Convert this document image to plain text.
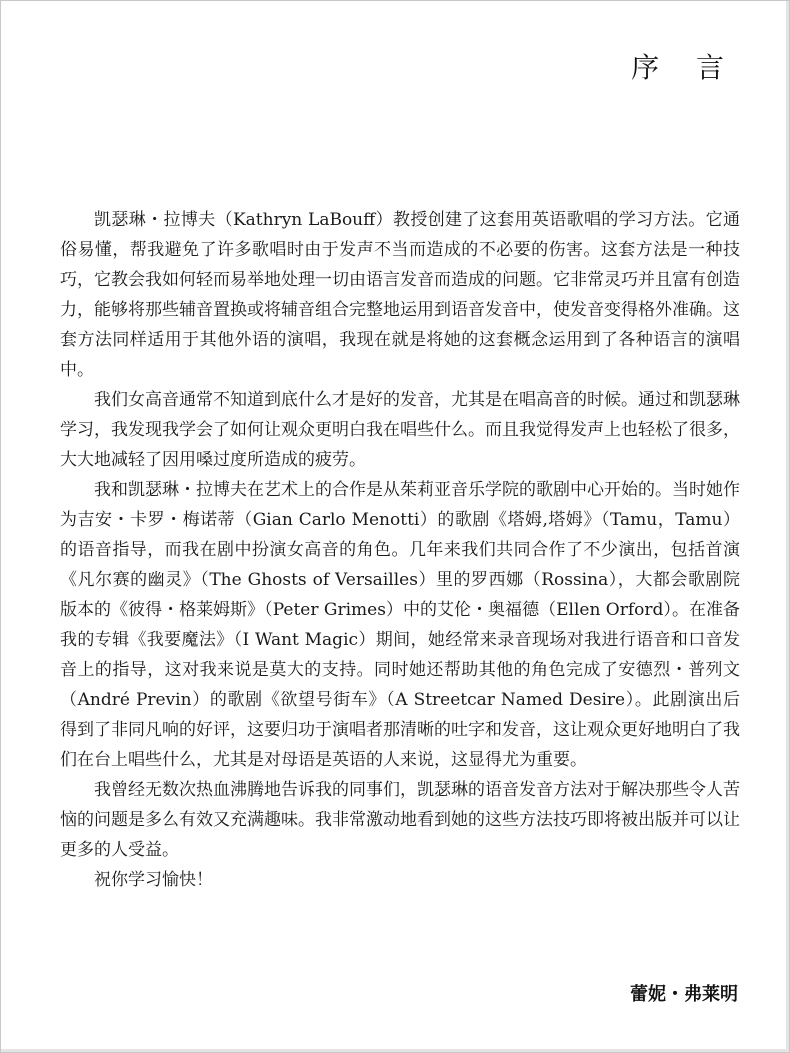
序 言

凯瑟琳・拉博夫（Kathryn LaBouff）教授创建了这套用英语歌唱的学习方法。它通俗易懂，帮我避免了许多歌唱时由于发声不当而造成的不必要的伤害。这套方法是一种技巧，它教会我如何轻而易举地处理一切由语言发音而造成的问题。它非常灵巧并且富有创造力，能够将那些辅音置换或将辅音组合完整地运用到语音发音中，使发音变得格外准确。这套方法同样适用于其他外语的演唱，我现在就是将她的这套概念运用到了各种语言的演唱中。

我们女高音通常不知道到底什么才是好的发音，尤其是在唱高音的时候。通过和凯瑟琳学习，我发现我学会了如何让观众更明白我在唱些什么。而且我觉得发声上也轻松了很多，大大地减轻了因用嗓过度所造成的疲劳。

我和凯瑟琳・拉博夫在艺术上的合作是从茱莉亚音乐学院的歌剧中心开始的。当时她作为吉安・卡罗・梅诺蒂（Gian Carlo Menotti）的歌剧《塔姆,塔姆》（Tamu，Tamu）的语音指导，而我在剧中扮演女高音的角色。几年来我们共同合作了不少演出，包括首演《凡尔赛的幽灵》（The Ghosts of Versailles）里的罗西娜（Rossina），大都会歌剧院版本的《彼得・格莱姆斯》（Peter Grimes）中的艾伦・奥福德（Ellen Orford）。在准备我的专辑《我要魔法》（I Want Magic）期间，她经常来录音现场对我进行语音和口音发音上的指导，这对我来说是莫大的支持。同时她还帮助其他的角色完成了安德烈・普列文（André Previn）的歌剧《欲望号街车》（A Streetcar Named Desire）。此剧演出后得到了非同凡响的好评，这要归功于演唱者那清晰的吐字和发音，这让观众更好地明白了我们在台上唱些什么，尤其是对母语是英语的人来说，这显得尤为重要。

我曾经无数次热血沸腾地告诉我的同事们，凯瑟琳的语音发音方法对于解决那些令人苦恼的问题是多么有效又充满趣味。我非常激动地看到她的这些方法技巧即将被出版并可以让更多的人受益。

祝你学习愉快！

蕾妮・弗莱明
